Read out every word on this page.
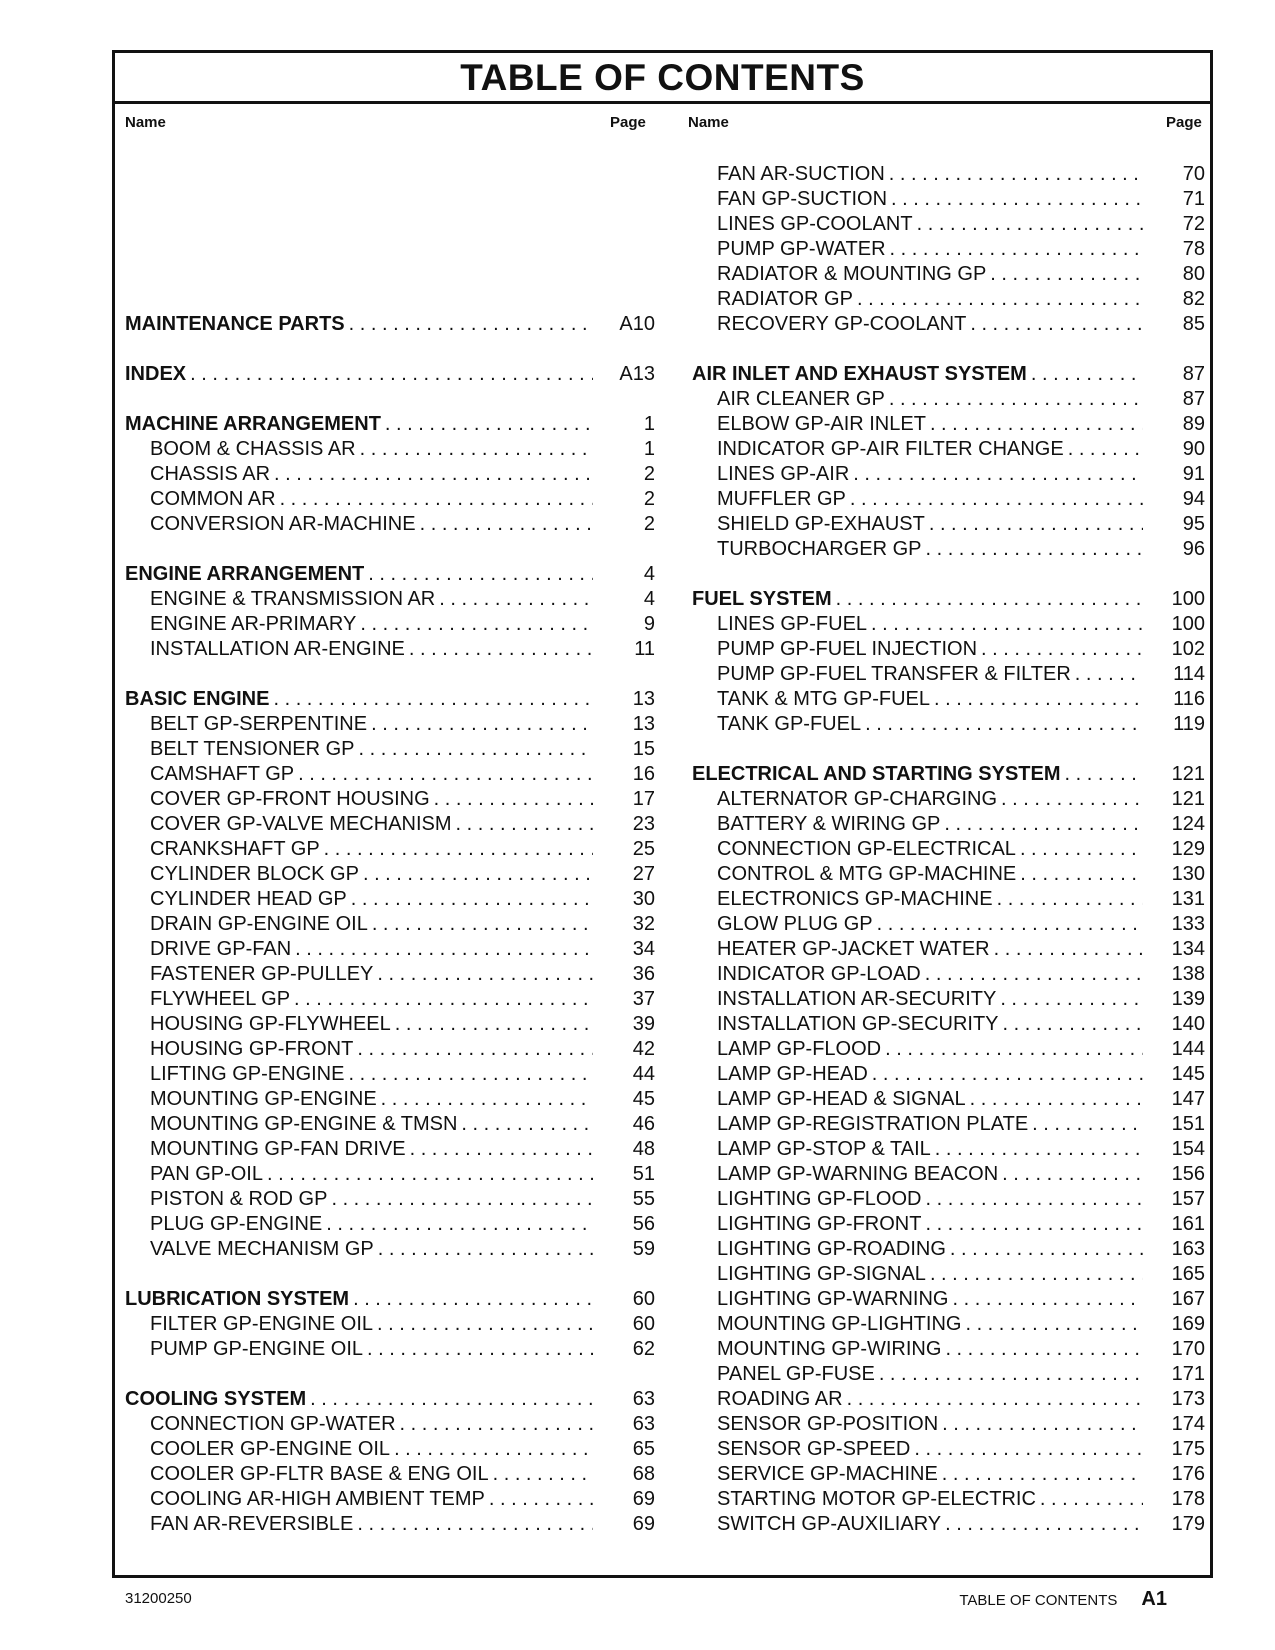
TABLE OF CONTENTS
Name	Page	Name	Page
MAINTENANCE PARTS . . .	A10
INDEX . . .	A13
MACHINE ARRANGEMENT . . .	1
BOOM & CHASSIS AR . . .	1
CHASSIS AR . . .	2
COMMON AR . . .	2
CONVERSION AR-MACHINE . . .	2
ENGINE ARRANGEMENT . . .	4
ENGINE & TRANSMISSION AR . . .	4
ENGINE AR-PRIMARY . . .	9
INSTALLATION AR-ENGINE . . .	11
BASIC ENGINE . . .	13
BELT GP-SERPENTINE . . .	13
BELT TENSIONER GP . . .	15
CAMSHAFT GP . . .	16
COVER GP-FRONT HOUSING . . .	17
COVER GP-VALVE MECHANISM . . .	23
CRANKSHAFT GP . . .	25
CYLINDER BLOCK GP . . .	27
CYLINDER HEAD GP . . .	30
DRAIN GP-ENGINE OIL . . .	32
DRIVE GP-FAN . . .	34
FASTENER GP-PULLEY . . .	36
FLYWHEEL GP . . .	37
HOUSING GP-FLYWHEEL . . .	39
HOUSING GP-FRONT . . .	42
LIFTING GP-ENGINE . . .	44
MOUNTING GP-ENGINE . . .	45
MOUNTING GP-ENGINE & TMSN . . .	46
MOUNTING GP-FAN DRIVE . . .	48
PAN GP-OIL . . .	51
PISTON & ROD GP . . .	55
PLUG GP-ENGINE . . .	56
VALVE MECHANISM GP . . .	59
LUBRICATION SYSTEM . . .	60
FILTER GP-ENGINE OIL . . .	60
PUMP GP-ENGINE OIL . . .	62
COOLING SYSTEM . . .	63
CONNECTION GP-WATER . . .	63
COOLER GP-ENGINE OIL . . .	65
COOLER GP-FLTR BASE & ENG OIL . . .	68
COOLING AR-HIGH AMBIENT TEMP . . .	69
FAN AR-REVERSIBLE . . .	69
FAN AR-SUCTION . . .	70
FAN GP-SUCTION . . .	71
LINES GP-COOLANT . . .	72
PUMP GP-WATER . . .	78
RADIATOR & MOUNTING GP . . .	80
RADIATOR GP . . .	82
RECOVERY GP-COOLANT . . .	85
AIR INLET AND EXHAUST SYSTEM . . .	87
AIR CLEANER GP . . .	87
ELBOW GP-AIR INLET . . .	89
INDICATOR GP-AIR FILTER CHANGE . . .	90
LINES GP-AIR . . .	91
MUFFLER GP . . .	94
SHIELD GP-EXHAUST . . .	95
TURBOCHARGER GP . . .	96
FUEL SYSTEM . . .	100
LINES GP-FUEL . . .	100
PUMP GP-FUEL INJECTION . . .	102
PUMP GP-FUEL TRANSFER & FILTER . . .	114
TANK & MTG GP-FUEL . . .	116
TANK GP-FUEL . . .	119
ELECTRICAL AND STARTING SYSTEM . . .	121
ALTERNATOR GP-CHARGING . . .	121
BATTERY & WIRING GP . . .	124
CONNECTION GP-ELECTRICAL . . .	129
CONTROL & MTG GP-MACHINE . . .	130
ELECTRONICS GP-MACHINE . . .	131
GLOW PLUG GP . . .	133
HEATER GP-JACKET WATER . . .	134
INDICATOR GP-LOAD . . .	138
INSTALLATION AR-SECURITY . . .	139
INSTALLATION GP-SECURITY . . .	140
LAMP GP-FLOOD . . .	144
LAMP GP-HEAD . . .	145
LAMP GP-HEAD & SIGNAL . . .	147
LAMP GP-REGISTRATION PLATE . . .	151
LAMP GP-STOP & TAIL . . .	154
LAMP GP-WARNING BEACON . . .	156
LIGHTING GP-FLOOD . . .	157
LIGHTING GP-FRONT . . .	161
LIGHTING GP-ROADING . . .	163
LIGHTING GP-SIGNAL . . .	165
LIGHTING GP-WARNING . . .	167
MOUNTING GP-LIGHTING . . .	169
MOUNTING GP-WIRING . . .	170
PANEL GP-FUSE . . .	171
ROADING AR . . .	173
SENSOR GP-POSITION . . .	174
SENSOR GP-SPEED . . .	175
SERVICE GP-MACHINE . . .	176
STARTING MOTOR GP-ELECTRIC . . .	178
SWITCH GP-AUXILIARY . . .	179
31200250	TABLE OF CONTENTS A1
